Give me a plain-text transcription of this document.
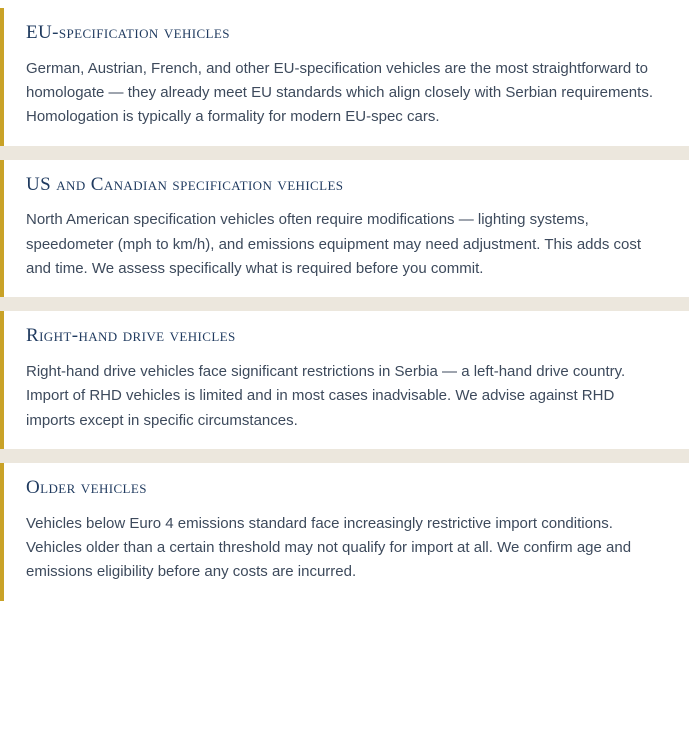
EU-specification vehicles

German, Austrian, French, and other EU-specification vehicles are the most straightforward to homologate — they already meet EU standards which align closely with Serbian requirements. Homologation is typically a formality for modern EU-spec cars.

US and Canadian specification vehicles

North American specification vehicles often require modifications — lighting systems, speedometer (mph to km/h), and emissions equipment may need adjustment. This adds cost and time. We assess specifically what is required before you commit.

Right-hand drive vehicles

Right-hand drive vehicles face significant restrictions in Serbia — a left-hand drive country. Import of RHD vehicles is limited and in most cases inadvisable. We advise against RHD imports except in specific circumstances.

Older vehicles

Vehicles below Euro 4 emissions standard face increasingly restrictive import conditions. Vehicles older than a certain threshold may not qualify for import at all. We confirm age and emissions eligibility before any costs are incurred.
